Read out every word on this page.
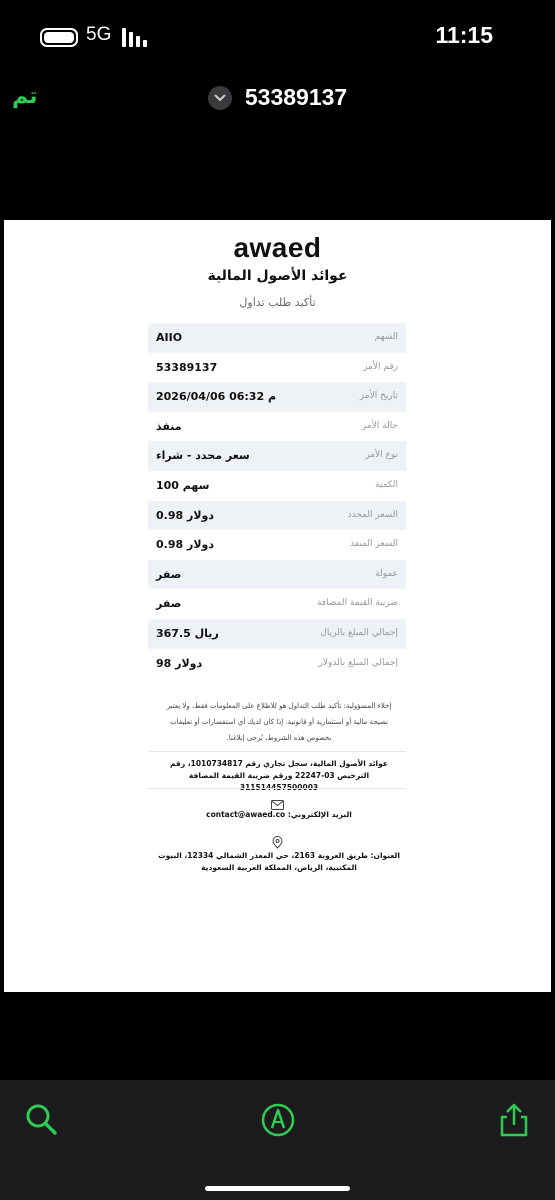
5G	11:15
تم	53389137
awaed
عوائد الأصول المالية
تأكيد طلب تداول
AIIO	السهم
53389137	رقم الأمر
2026/04/06 06:32 م	تاريخ الأمر
منفذ	حالة الأمر
سعر محدد - شراء	نوع الأمر
100 سهم	الكمية
0.98 دولار	السعر المحدد
0.98 دولار	السعر المنفذ
صفر	عمولة
صفر	ضريبة القيمة المضافة
367.5 ريال	إجمالي المبلغ بالريال
98 دولار	إجمالي المبلغ بالدولار
إخلاء المسؤولية: تأكيد طلب التداول هو للاطلاع على المعلومات فقط، ولا يعتبر نصيحة مالية أو استثمارية أو قانونية. إذا كان لديك أي استفسارات أو تعليقات بخصوص هذه الشروط، يُرجى إبلاغنا.
عوائد الأصول المالية، سجل تجاري رقم 1010734817، رقم الترخيص 03-22247 ورقم ضريبة القيمة المضافة
البريد الإلكتروني: contact@awaed.co
العنوان: طريق العروبة 2163، حي المعذر الشمالي 12334، البيوت المكتبية، الرياض، المملكة العربية السعودية
